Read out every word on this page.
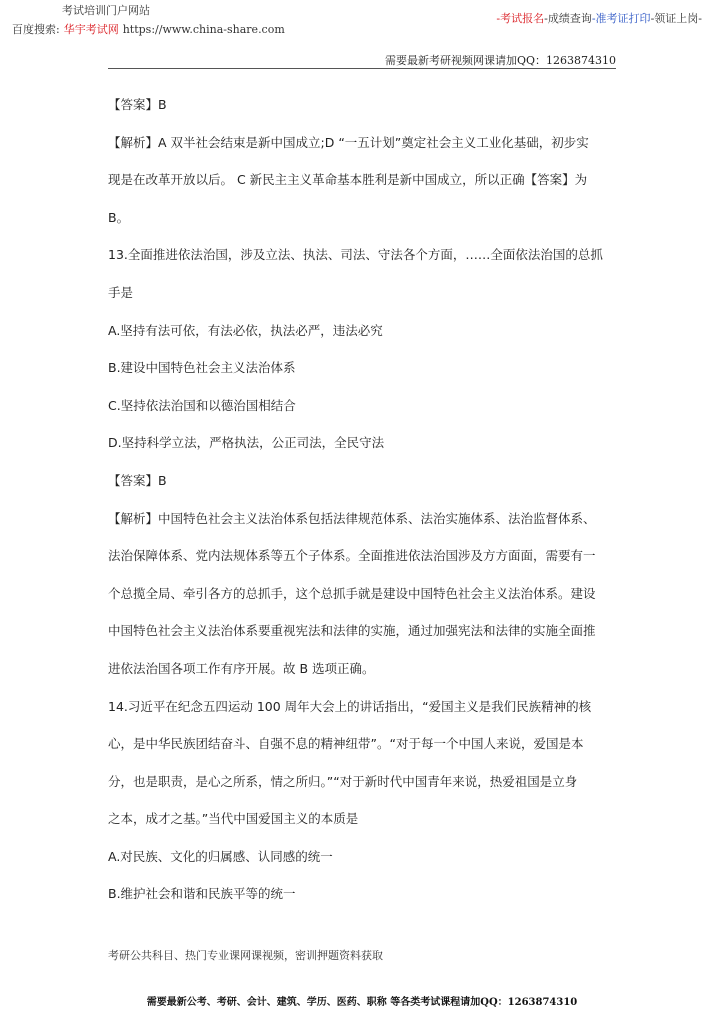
考试培训门户网站
百度搜索: 华宇考试网 https://www.china-share.com
-考试报名-成绩查询-准考证打印-领证上岗-
需要最新考研视频网课请加QQ：1263874310
【答案】B
【解析】A 双半社会结束是新中国成立;D “一五计划”奠定社会主义工业化基础，初步实
现是在改革开放以后。 C 新民主主义革命基本胜利是新中国成立，所以正确【答案】为
B。
13.全面推进依法治国，涉及立法、执法、司法、守法各个方面，……全面依法治国的总抓
手是
A.坚持有法可依，有法必依，执法必严，违法必究
B.建设中国特色社会主义法治体系
C.坚持依法治国和以德治国相结合
D.坚持科学立法，严格执法，公正司法，全民守法
【答案】B
【解析】中国特色社会主义法治体系包括法律规范体系、法治实施体系、法治监督体系、
法治保障体系、党内法规体系等五个子体系。全面推进依法治国涉及方方面面，需要有一
个总揽全局、牵引各方的总抓手，这个总抓手就是建设中国特色社会主义法治体系。建设
中国特色社会主义法治体系要重视宪法和法律的实施，通过加强宪法和法律的实施全面推
进依法治国各项工作有序开展。故 B 选项正确。
14.习近平在纪念五四运动 100 周年大会上的讲话指出，“爱国主义是我们民族精神的核
心，是中华民族团结奋斗、自强不息的精神纽带”。“对于每一个中国人来说，爱国是本
分，也是职责，是心之所系，情之所归。”“对于新时代中国青年来说，热爱祖国是立身
之本，成才之基。”当代中国爱国主义的本质是
A.对民族、文化的归属感、认同感的统一
B.维护社会和谐和民族平等的统一
考研公共科目、热门专业课网课视频，密训押题资料获取
需要最新公考、考研、会计、建筑、学历、医药、职称 等各类考试课程请加QQ：1263874310
